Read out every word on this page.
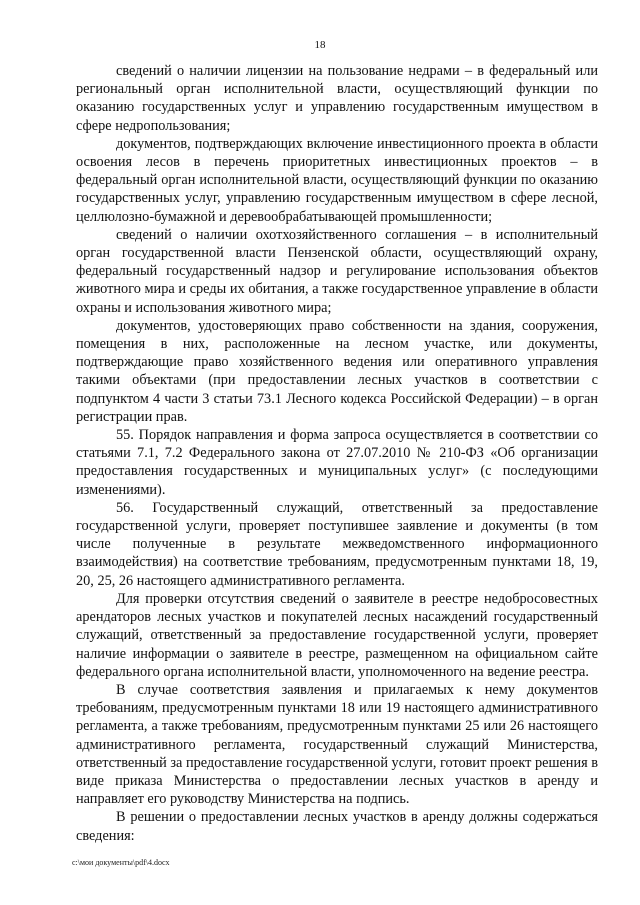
18

сведений о наличии лицензии на пользование недрами – в федеральный или региональный орган исполнительной власти, осуществляющий функции по оказанию государственных услуг и управлению государственным имуществом в сфере недропользования;

документов, подтверждающих включение инвестиционного проекта в области освоения лесов в перечень приоритетных инвестиционных проектов – в федеральный орган исполнительной власти, осуществляющий функции по оказанию государственных услуг, управлению государственным имуществом в сфере лесной, целлюлозно-бумажной и деревообрабатывающей промышленности;

сведений о наличии охотхозяйственного соглашения – в исполнительный орган государственной власти Пензенской области, осуществляющий охрану, федеральный государственный надзор и регулирование использования объектов животного мира и среды их обитания, а также государственное управление в области охраны и использования животного мира;

документов, удостоверяющих право собственности на здания, сооружения, помещения в них, расположенные на лесном участке, или документы, подтверждающие право хозяйственного ведения или оперативного управления такими объектами (при предоставлении лесных участков в соответствии с подпунктом 4 части 3 статьи 73.1 Лесного кодекса Российской Федерации) – в орган регистрации прав.

55. Порядок направления и форма запроса осуществляется в соответствии со статьями 7.1, 7.2 Федерального закона от 27.07.2010 № 210-ФЗ «Об организации предоставления государственных и муниципальных услуг» (с последующими изменениями).

56. Государственный служащий, ответственный за предоставление государственной услуги, проверяет поступившее заявление и документы (в том числе полученные в результате межведомственного информационного взаимодействия) на соответствие требованиям, предусмотренным пунктами 18, 19, 20, 25, 26 настоящего административного регламента.

Для проверки отсутствия сведений о заявителе в реестре недобросовестных арендаторов лесных участков и покупателей лесных насаждений государственный служащий, ответственный за предоставление государственной услуги, проверяет наличие информации о заявителе в реестре, размещенном на официальном сайте федерального органа исполнительной власти, уполномоченного на ведение реестра.

В случае соответствия заявления и прилагаемых к нему документов требованиям, предусмотренным пунктами 18 или 19 настоящего административного регламента, а также требованиям, предусмотренным пунктами 25 или 26 настоящего административного регламента, государственный служащий Министерства, ответственный за предоставление государственной услуги, готовит проект решения в виде приказа Министерства о предоставлении лесных участков в аренду и направляет его руководству Министерства на подпись.

В решении о предоставлении лесных участков в аренду должны содержаться сведения:

c:\мои документы\pdf\4.docx
